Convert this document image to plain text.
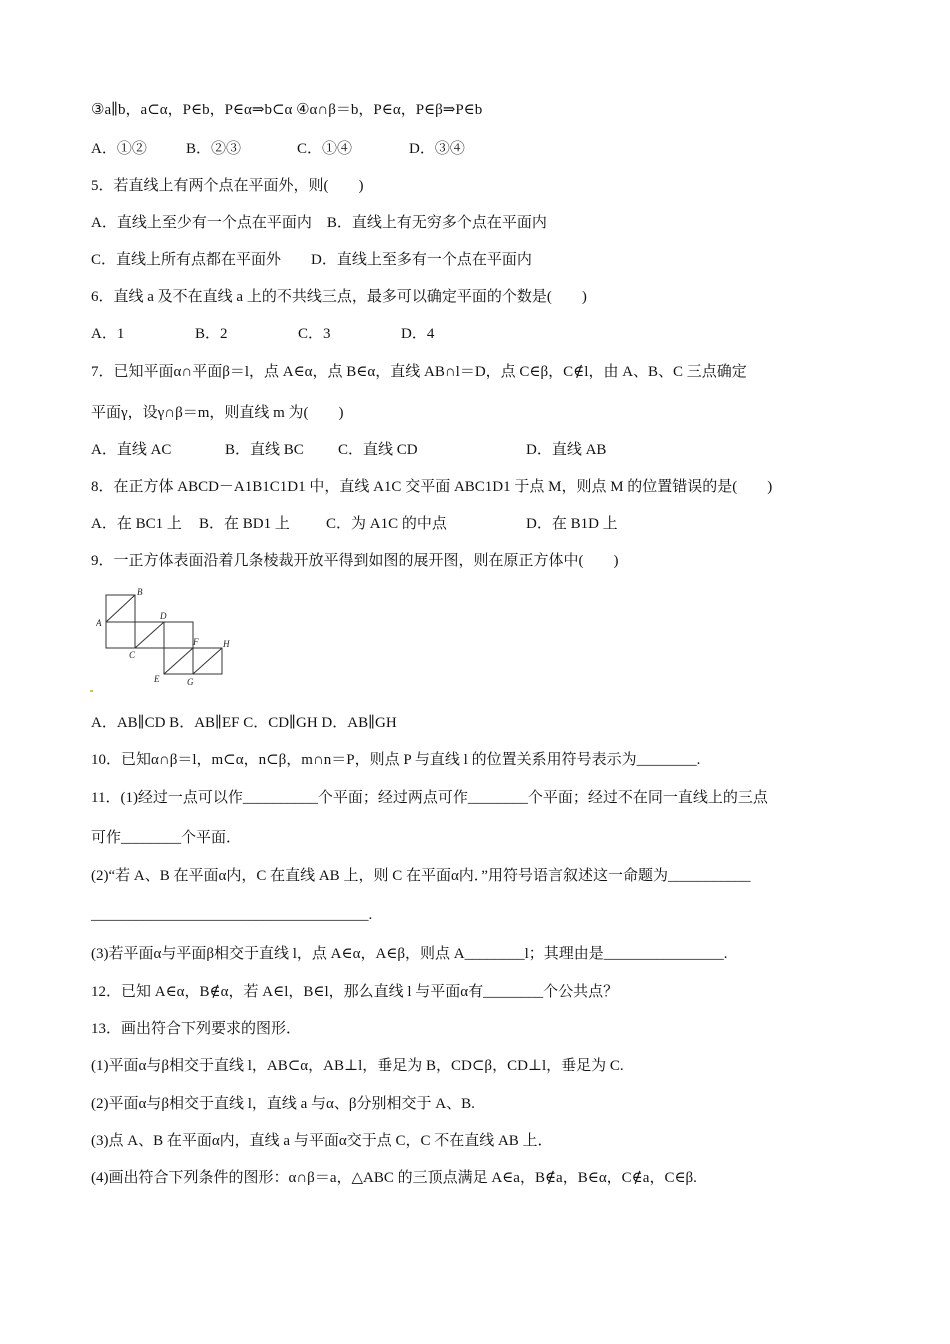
③a∥b，a⊂α，P∈b，P∈α⇒b⊂α ④α∩β＝b，P∈α，P∈β⇒P∈b
A．①②	B．②③	C．①④	D．③④
5．若直线上有两个点在平面外，则(　　)
A．直线上至少有一个点在平面内　B．直线上有无穷多个点在平面内
C．直线上所有点都在平面外　　D．直线上至多有一个点在平面内
6．直线 a 及不在直线 a 上的不共线三点，最多可以确定平面的个数是(　　)
A．1	B．2	C．3	D．4
7．已知平面α∩平面β＝l，点 A∈α，点 B∈α，直线 AB∩l＝D，点 C∈β，C∉l，由 A、B、C 三点确定
平面γ，设γ∩β＝m，则直线 m 为(　　)
A．直线 AC	B．直线 BC C．直线 CD	D．直线 AB
8．在正方体 ABCD－A1B1C1D1 中，直线 A1C 交平面 ABC1D1 于点 M，则点 M 的位置错误的是(　　)
A．在 BC1 上 B．在 BD1 上 C．为 A1C 的中点	D．在 B1D 上
9．一正方体表面沿着几条棱裁开放平得到如图的展开图，则在原正方体中(　　)
A
B
C
D
E
F
G
H
A．AB∥CD B．AB∥EF C．CD∥GH D．AB∥GH
10．已知α∩β＝l，m⊂α，n⊂β，m∩n＝P，则点 P 与直线 l 的位置关系用符号表示为________.
11．(1)经过一点可以作__________个平面；经过两点可作________个平面；经过不在同一直线上的三点
可作________个平面．
(2)“若 A、B 在平面α内，C 在直线 AB 上，则 C 在平面α内．”用符号语言叙述这一命题为___________
_____________________________________.
(3)若平面α与平面β相交于直线 l，点 A∈α，A∈β，则点 A________l；其理由是________________.
12．已知 A∈α，B∉α，若 A∈l，B∈l，那么直线 l 与平面α有________个公共点？
13．画出符合下列要求的图形．
(1)平面α与β相交于直线 l，AB⊂α，AB⊥l，垂足为 B，CD⊂β，CD⊥l，垂足为 C.
(2)平面α与β相交于直线 l，直线 a 与α、β分别相交于 A、B.
(3)点 A、B 在平面α内，直线 a 与平面α交于点 C，C 不在直线 AB 上．
(4)画出符合下列条件的图形：α∩β＝a，△ABC 的三顶点满足 A∈a，B∉a，B∈α，C∉a，C∈β.
